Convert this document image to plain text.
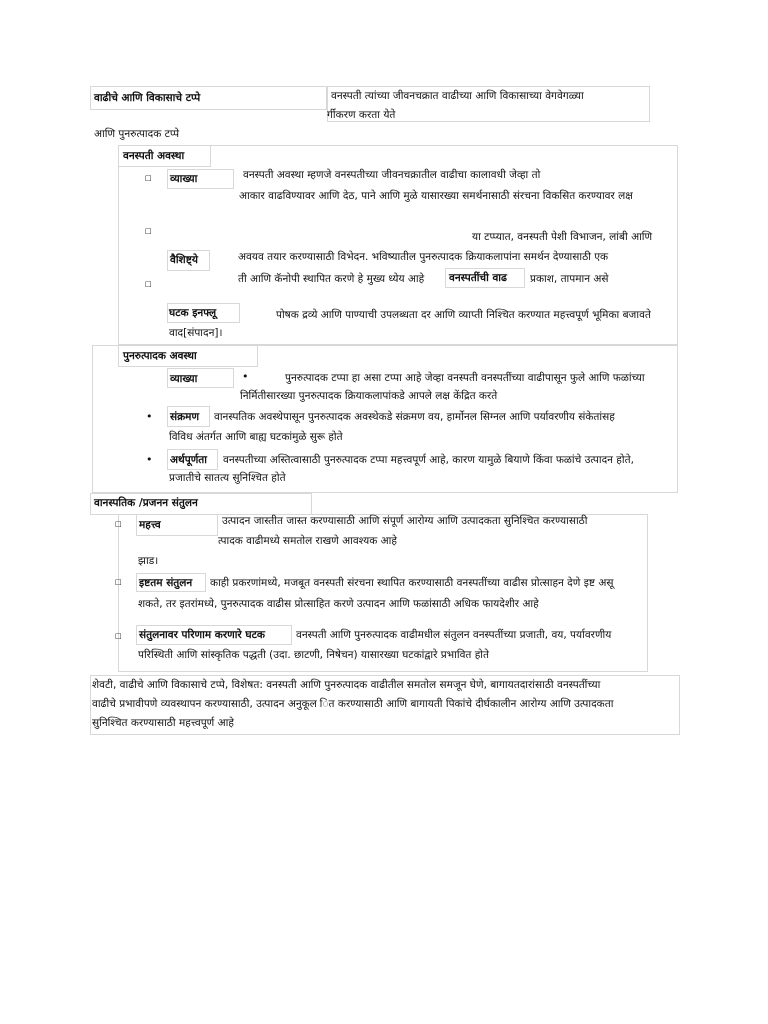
वाढीचे आणि विकासाचे टप्पे	वनस्पती त्यांच्या जीवनचक्रात वाढीच्या आणि विकासाच्या वेगवेगळ्या
र्गीकरण करता येते
आणि पुनरुत्पादक टप्पे
वनस्पती अवस्था
☐ व्याख्या	वनस्पती अवस्था म्हणजे वनस्पतीच्या जीवनचक्रातील वाढीचा कालावधी जेव्हा तो
आकार वाढविण्यावर आणि देठ, पाने आणि मुळे यासारख्या समर्थनासाठी संरचना विकसित करण्यावर लक्ष
☐	या टप्प्यात, वनस्पती पेशी विभाजन, लांबी आणि
वैशिष्ट्ये	अवयव तयार करण्यासाठी विभेदन. भविष्यातील पुनरुत्पादक क्रियाकलापांना समर्थन देण्यासाठी एक
☐	ती आणि कॅनोपी स्थापित करणे हे मुख्य ध्येय आहे वनस्पतींची वाढ प्रकाश, तापमान असे
घटक इनफ्लू	पोषक द्रव्ये आणि पाण्याची उपलब्धता दर आणि व्याप्ती निश्चित करण्यात महत्त्वपूर्ण भूमिका बजावते
वाद[संपादन]।
पुनरुत्पादक अवस्था
व्याख्या	•	पुनरुत्पादक टप्पा हा असा टप्पा आहे जेव्हा वनस्पती वनस्पतींच्या वाढीपासून फुले आणि फळांच्या
निर्मितीसारख्या पुनरुत्पादक क्रियाकलापांकडे आपले लक्ष केंद्रित करते
• संक्रमण वानस्पतिक अवस्थेपासून पुनरुत्पादक अवस्थेकडे संक्रमण वय, हार्मोनल सिग्नल आणि पर्यावरणीय संकेतांसह
विविध अंतर्गत आणि बाह्य घटकांमुळे सुरू होते
• अर्थपूर्णता वनस्पतीच्या अस्तित्वासाठी पुनरुत्पादक टप्पा महत्त्वपूर्ण आहे, कारण यामुळे बियाणे किंवा फळांचे उत्पादन होते,
प्रजातीचे सातत्य सुनिश्चित होते
वानस्पतिक /प्रजनन संतुलन
☐ महत्त्व	उत्पादन जास्तीत जास्त करण्यासाठी आणि संपूर्ण आरोग्य आणि उत्पादकता सुनिश्चित करण्यासाठी
त्पादक वाढीमध्ये समतोल राखणे आवश्यक आहे
झाड।
☐ इष्टतम संतुलन काही प्रकरणांमध्ये, मजबूत वनस्पती संरचना स्थापित करण्यासाठी वनस्पतींच्या वाढीस प्रोत्साहन देणे इष्ट असू
शकते, तर इतरांमध्ये, पुनरुत्पादक वाढीस प्रोत्साहित करणे उत्पादन आणि फळांसाठी अधिक फायदेशीर आहे
☐ संतुलनावर परिणाम करणारे घटक	वनस्पती आणि पुनरुत्पादक वाढीमधील संतुलन वनस्पतींच्या प्रजाती, वय, पर्यावरणीय
परिस्थिती आणि सांस्कृतिक पद्धती (उदा. छाटणी, निषेचन) यासारख्या घटकांद्वारे प्रभावित होते
शेवटी, वाढीचे आणि विकासाचे टप्पे, विशेषत: वनस्पती आणि पुनरुत्पादक वाढीतील समतोल समजून घेणे, बागायतदारांसाठी वनस्पतींच्या
वाढीचे प्रभावीपणे व्यवस्थापन करण्यासाठी, उत्पादन अनुकूल ित करण्यासाठी आणि बागायती पिकांचे दीर्घकालीन आरोग्य आणि उत्पादकता
सुनिश्चित करण्यासाठी महत्त्वपूर्ण आहे
